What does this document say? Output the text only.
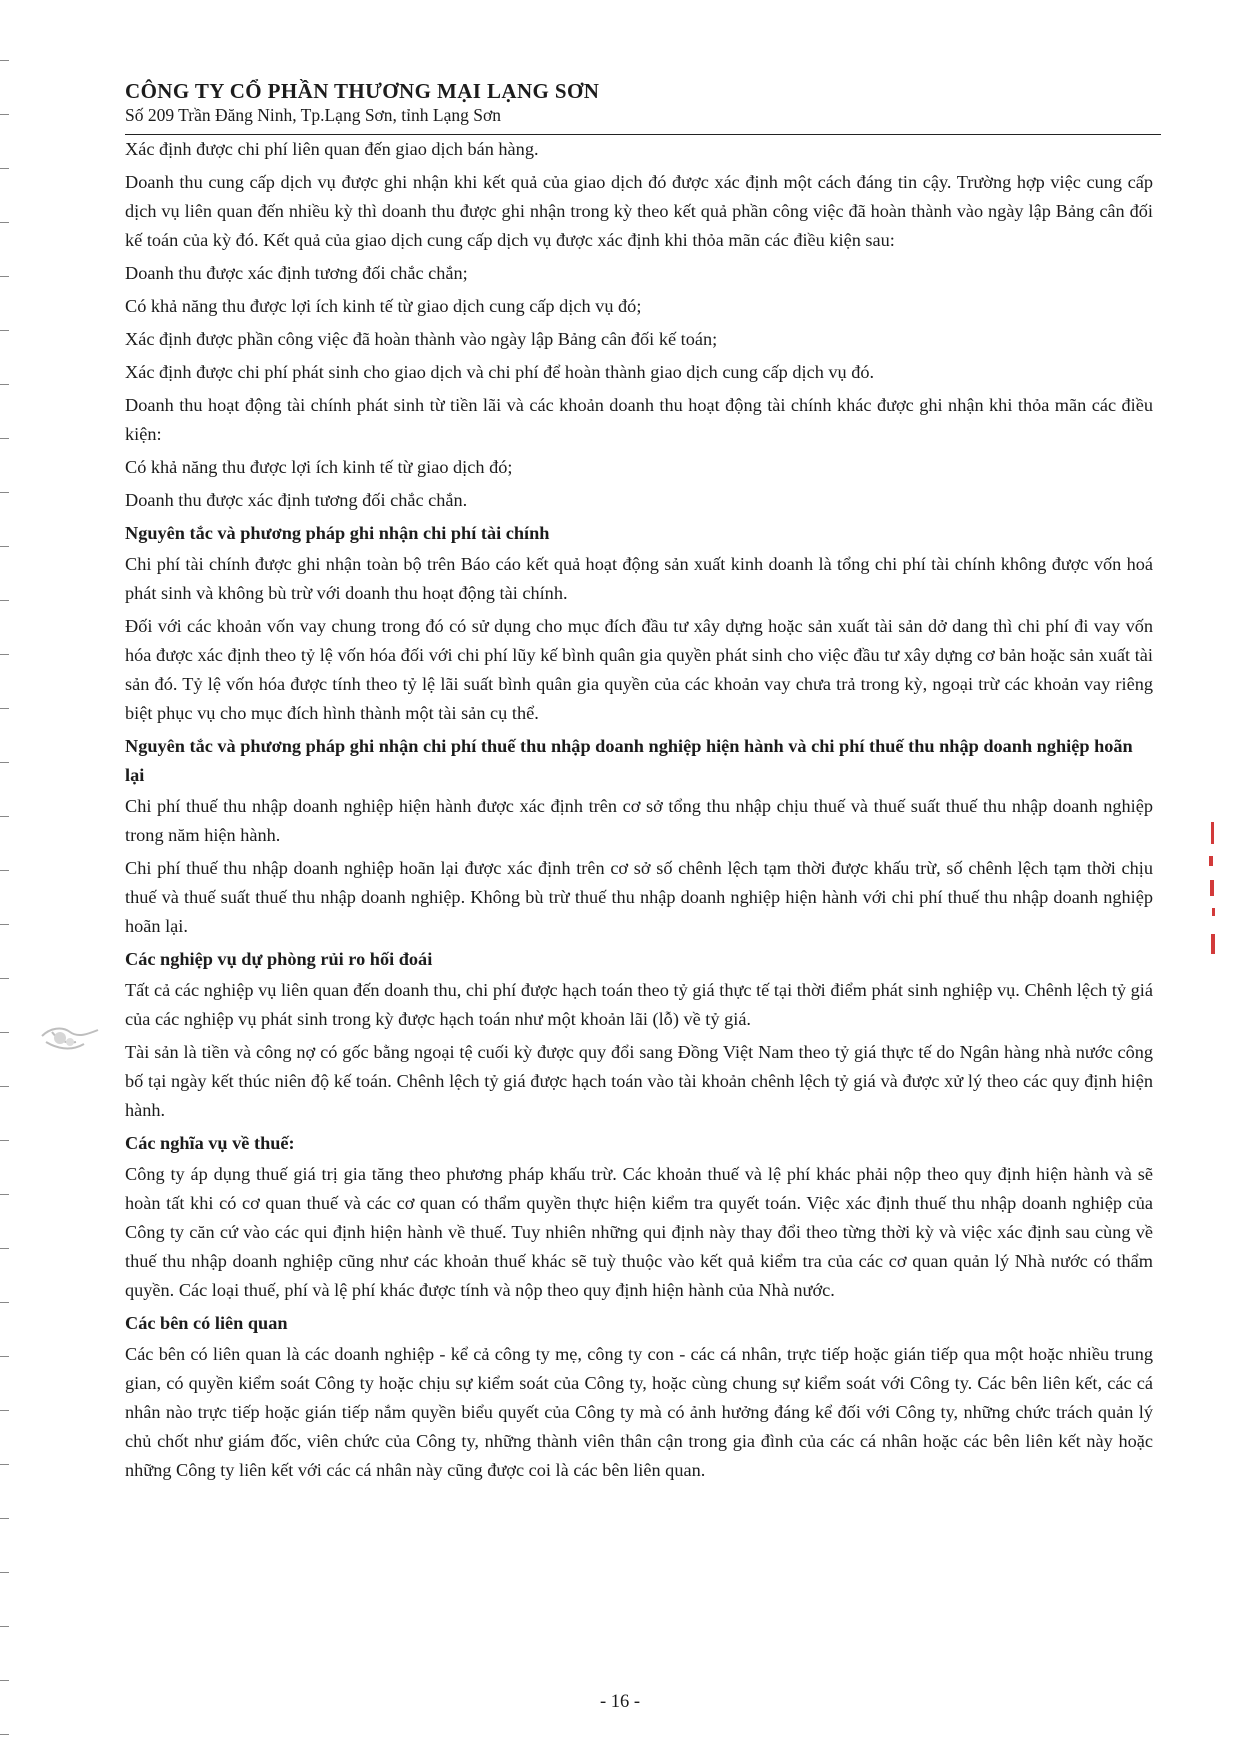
CÔNG TY CỔ PHẦN THƯƠNG MẠI LẠNG SƠN
Số 209 Trần Đăng Ninh, Tp.Lạng Sơn, tỉnh Lạng Sơn

Xác định được chi phí liên quan đến giao dịch bán hàng.

Doanh thu cung cấp dịch vụ được ghi nhận khi kết quả của giao dịch đó được xác định một cách đáng tin cậy. Trường hợp việc cung cấp dịch vụ liên quan đến nhiều kỳ thì doanh thu được ghi nhận trong kỳ theo kết quả phần công việc đã hoàn thành vào ngày lập Bảng cân đối kế toán của kỳ đó. Kết quả của giao dịch cung cấp dịch vụ được xác định khi thỏa mãn các điều kiện sau:

Doanh thu được xác định tương đối chắc chắn;

Có khả năng thu được lợi ích kinh tế từ giao dịch cung cấp dịch vụ đó;

Xác định được phần công việc đã hoàn thành vào ngày lập Bảng cân đối kế toán;

Xác định được chi phí phát sinh cho giao dịch và chi phí để hoàn thành giao dịch cung cấp dịch vụ đó.

Doanh thu hoạt động tài chính phát sinh từ tiền lãi và các khoản doanh thu hoạt động tài chính khác được ghi nhận khi thỏa mãn các điều kiện:

Có khả năng thu được lợi ích kinh tế từ giao dịch đó;

Doanh thu được xác định tương đối chắc chắn.

Nguyên tắc và phương pháp ghi nhận chi phí tài chính

Chi phí tài chính được ghi nhận toàn bộ trên Báo cáo kết quả hoạt động sản xuất kinh doanh là tổng chi phí tài chính không được vốn hoá phát sinh và không bù trừ với doanh thu hoạt động tài chính.

Đối với các khoản vốn vay chung trong đó có sử dụng cho mục đích đầu tư xây dựng hoặc sản xuất tài sản dở dang thì chi phí đi vay vốn hóa được xác định theo tỷ lệ vốn hóa đối với chi phí lũy kế bình quân gia quyền phát sinh cho việc đầu tư xây dựng cơ bản hoặc sản xuất tài sản đó. Tỷ lệ vốn hóa được tính theo tỷ lệ lãi suất bình quân gia quyền của các khoản vay chưa trả trong kỳ, ngoại trừ các khoản vay riêng biệt phục vụ cho mục đích hình thành một tài sản cụ thể.

Nguyên tắc và phương pháp ghi nhận chi phí thuế thu nhập doanh nghiệp hiện hành và chi phí thuế thu nhập doanh nghiệp hoãn lại

Chi phí thuế thu nhập doanh nghiệp hiện hành được xác định trên cơ sở tổng thu nhập chịu thuế và thuế suất thuế thu nhập doanh nghiệp trong năm hiện hành.

Chi phí thuế thu nhập doanh nghiệp hoãn lại được xác định trên cơ sở số chênh lệch tạm thời được khấu trừ, số chênh lệch tạm thời chịu thuế và thuế suất thuế thu nhập doanh nghiệp. Không bù trừ thuế thu nhập doanh nghiệp hiện hành với chi phí thuế thu nhập doanh nghiệp hoãn lại.

Các nghiệp vụ dự phòng rủi ro hối đoái

Tất cả các nghiệp vụ liên quan đến doanh thu, chi phí được hạch toán theo tỷ giá thực tế tại thời điểm phát sinh nghiệp vụ. Chênh lệch tỷ giá của các nghiệp vụ phát sinh trong kỳ được hạch toán như một khoản lãi (lỗ) về tỷ giá.

Tài sản là tiền và công nợ có gốc bằng ngoại tệ cuối kỳ được quy đổi sang Đồng Việt Nam theo tỷ giá thực tế do Ngân hàng nhà nước công bố tại ngày kết thúc niên độ kế toán. Chênh lệch tỷ giá được hạch toán vào tài khoản chênh lệch tỷ giá và được xử lý theo các quy định hiện hành.

Các nghĩa vụ về thuế:

Công ty áp dụng thuế giá trị gia tăng theo phương pháp khấu trừ. Các khoản thuế và lệ phí khác phải nộp theo quy định hiện hành và sẽ hoàn tất khi có cơ quan thuế và các cơ quan có thẩm quyền thực hiện kiểm tra quyết toán. Việc xác định thuế thu nhập doanh nghiệp của Công ty căn cứ vào các qui định hiện hành về thuế. Tuy nhiên những qui định này thay đổi theo từng thời kỳ và việc xác định sau cùng về thuế thu nhập doanh nghiệp cũng như các khoản thuế khác sẽ tuỳ thuộc vào kết quả kiểm tra của các cơ quan quản lý Nhà nước có thẩm quyền. Các loại thuế, phí và lệ phí khác được tính và nộp theo quy định hiện hành của Nhà nước.

Các bên có liên quan

Các bên có liên quan là các doanh nghiệp - kể cả công ty mẹ, công ty con - các cá nhân, trực tiếp hoặc gián tiếp qua một hoặc nhiều trung gian, có quyền kiểm soát Công ty hoặc chịu sự kiểm soát của Công ty, hoặc cùng chung sự kiểm soát với Công ty. Các bên liên kết, các cá nhân nào trực tiếp hoặc gián tiếp nắm quyền biểu quyết của Công ty mà có ảnh hưởng đáng kể đối với Công ty, những chức trách quản lý chủ chốt như giám đốc, viên chức của Công ty, những thành viên thân cận trong gia đình của các cá nhân hoặc các bên liên kết này hoặc những Công ty liên kết với các cá nhân này cũng được coi là các bên liên quan.

- 16 -
